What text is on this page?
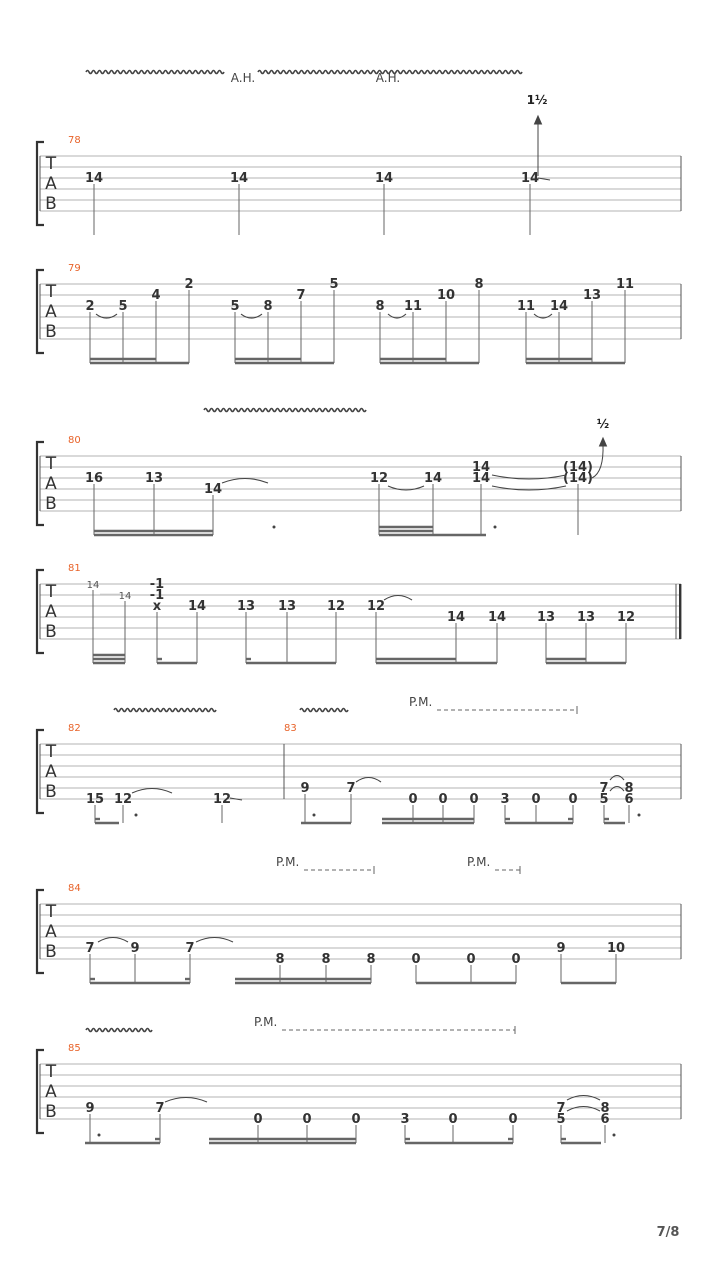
T
A
B
78
14	14	14	14
T
A
B
79
2 5
4
2
5 8
7
5
8 11
10
8
11 14
13
11
T
A
B
80
16	13
14
12	14
14
14
(14)
(14)
T
A
B
81
14
14
-1
-1
x 14 13 13 12 12
14 14 13 13 12
T
A
B
82	83
15 12	12
9	7
0 0 0 3 0 0
7 8
5 6
T
A
B
84
7	9	7
8	8	8	0	0	0
9	10
T
A
B
85
9	7
0	0	0	3	0	0
7	8
5	6
A.H.	A.H.
1½
½
P.M.
P.M.	P.M.
P.M.
7/8
